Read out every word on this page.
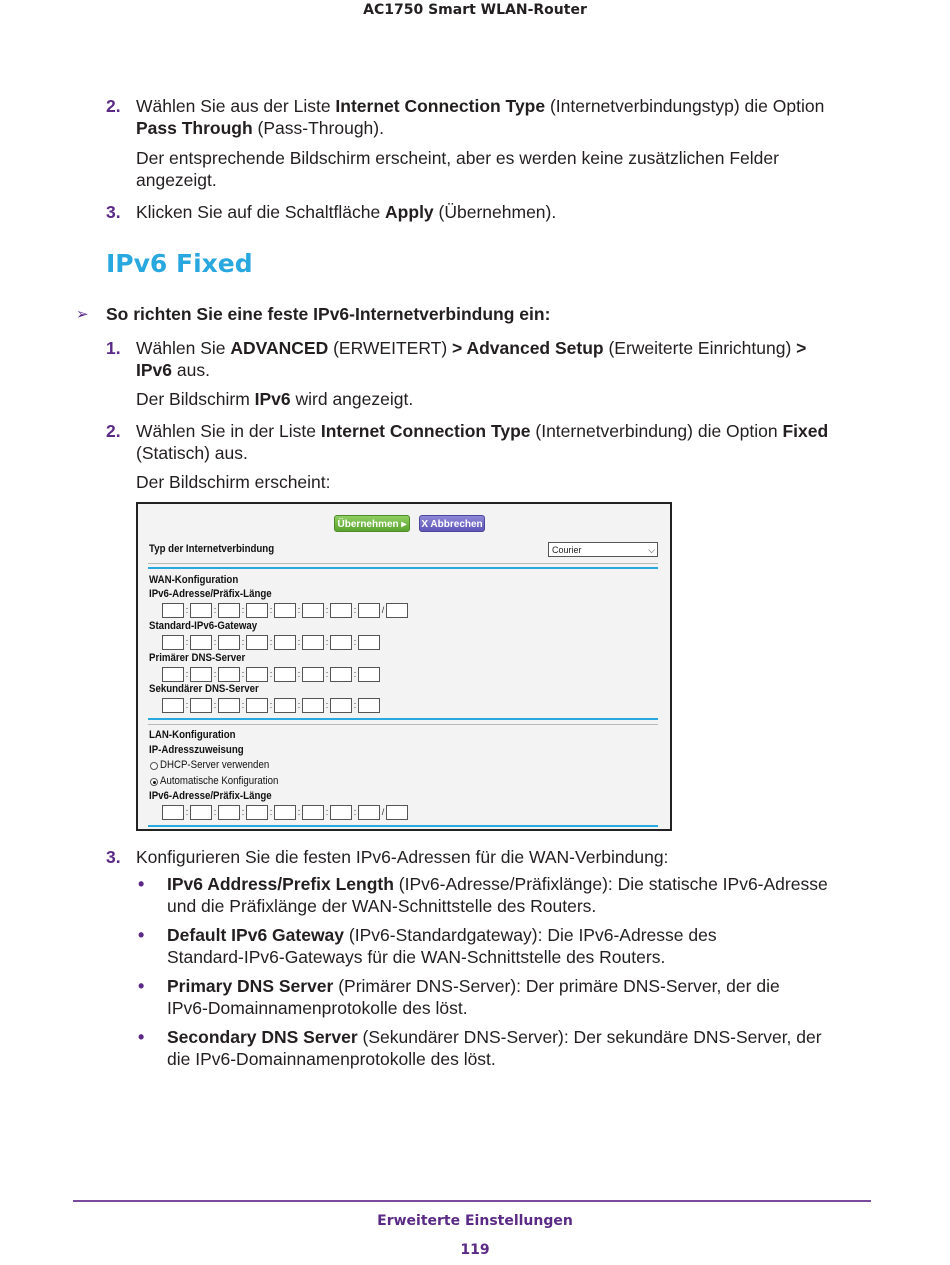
AC1750 Smart WLAN-Router
2. Wählen Sie aus der Liste Internet Connection Type (Internetverbindungstyp) die Option
Pass Through (Pass-Through).
Der entsprechende Bildschirm erscheint, aber es werden keine zusätzlichen Felder
angezeigt.
3. Klicken Sie auf die Schaltfläche Apply (Übernehmen).
IPv6 Fixed
➢ So richten Sie eine feste IPv6-Internetverbindung ein:
1. Wählen Sie ADVANCED (ERWEITERT) > Advanced Setup (Erweiterte Einrichtung) >
IPv6 aus.
Der Bildschirm IPv6 wird angezeigt.
2. Wählen Sie in der Liste Internet Connection Type (Internetverbindung) die Option Fixed
(Statisch) aus.
Der Bildschirm erscheint:
Übernehmen ▸	X Abbrechen
Typ der Internetverbindung	Courier	⌵
WAN-Konfiguration
IPv6-Adresse/Präfix-Länge
:	:	:	:	:	:	:	/
Standard-IPv6-Gateway
:	:	:	:	:	:	:
Primärer DNS-Server
:	:	:	:	:	:	:
Sekundärer DNS-Server
:	:	:	:	:	:	:
LAN-Konfiguration
IP-Adresszuweisung
DHCP-Server verwenden
Automatische Konfiguration
IPv6-Adresse/Präfix-Länge
:	:	:	:	:	:	:	/
3. Konfigurieren Sie die festen IPv6-Adressen für die WAN-Verbindung:
• IPv6 Address/Prefix Length (IPv6-Adresse/Präfixlänge): Die statische IPv6-Adresse
und die Präfixlänge der WAN-Schnittstelle des Routers.
• Default IPv6 Gateway (IPv6-Standardgateway): Die IPv6-Adresse des
Standard-IPv6-Gateways für die WAN-Schnittstelle des Routers.
• Primary DNS Server (Primärer DNS-Server): Der primäre DNS-Server, der die
IPv6-Domainnamenprotokolle des löst.
• Secondary DNS Server (Sekundärer DNS-Server): Der sekundäre DNS-Server, der
die IPv6-Domainnamenprotokolle des löst.
Erweiterte Einstellungen
119
